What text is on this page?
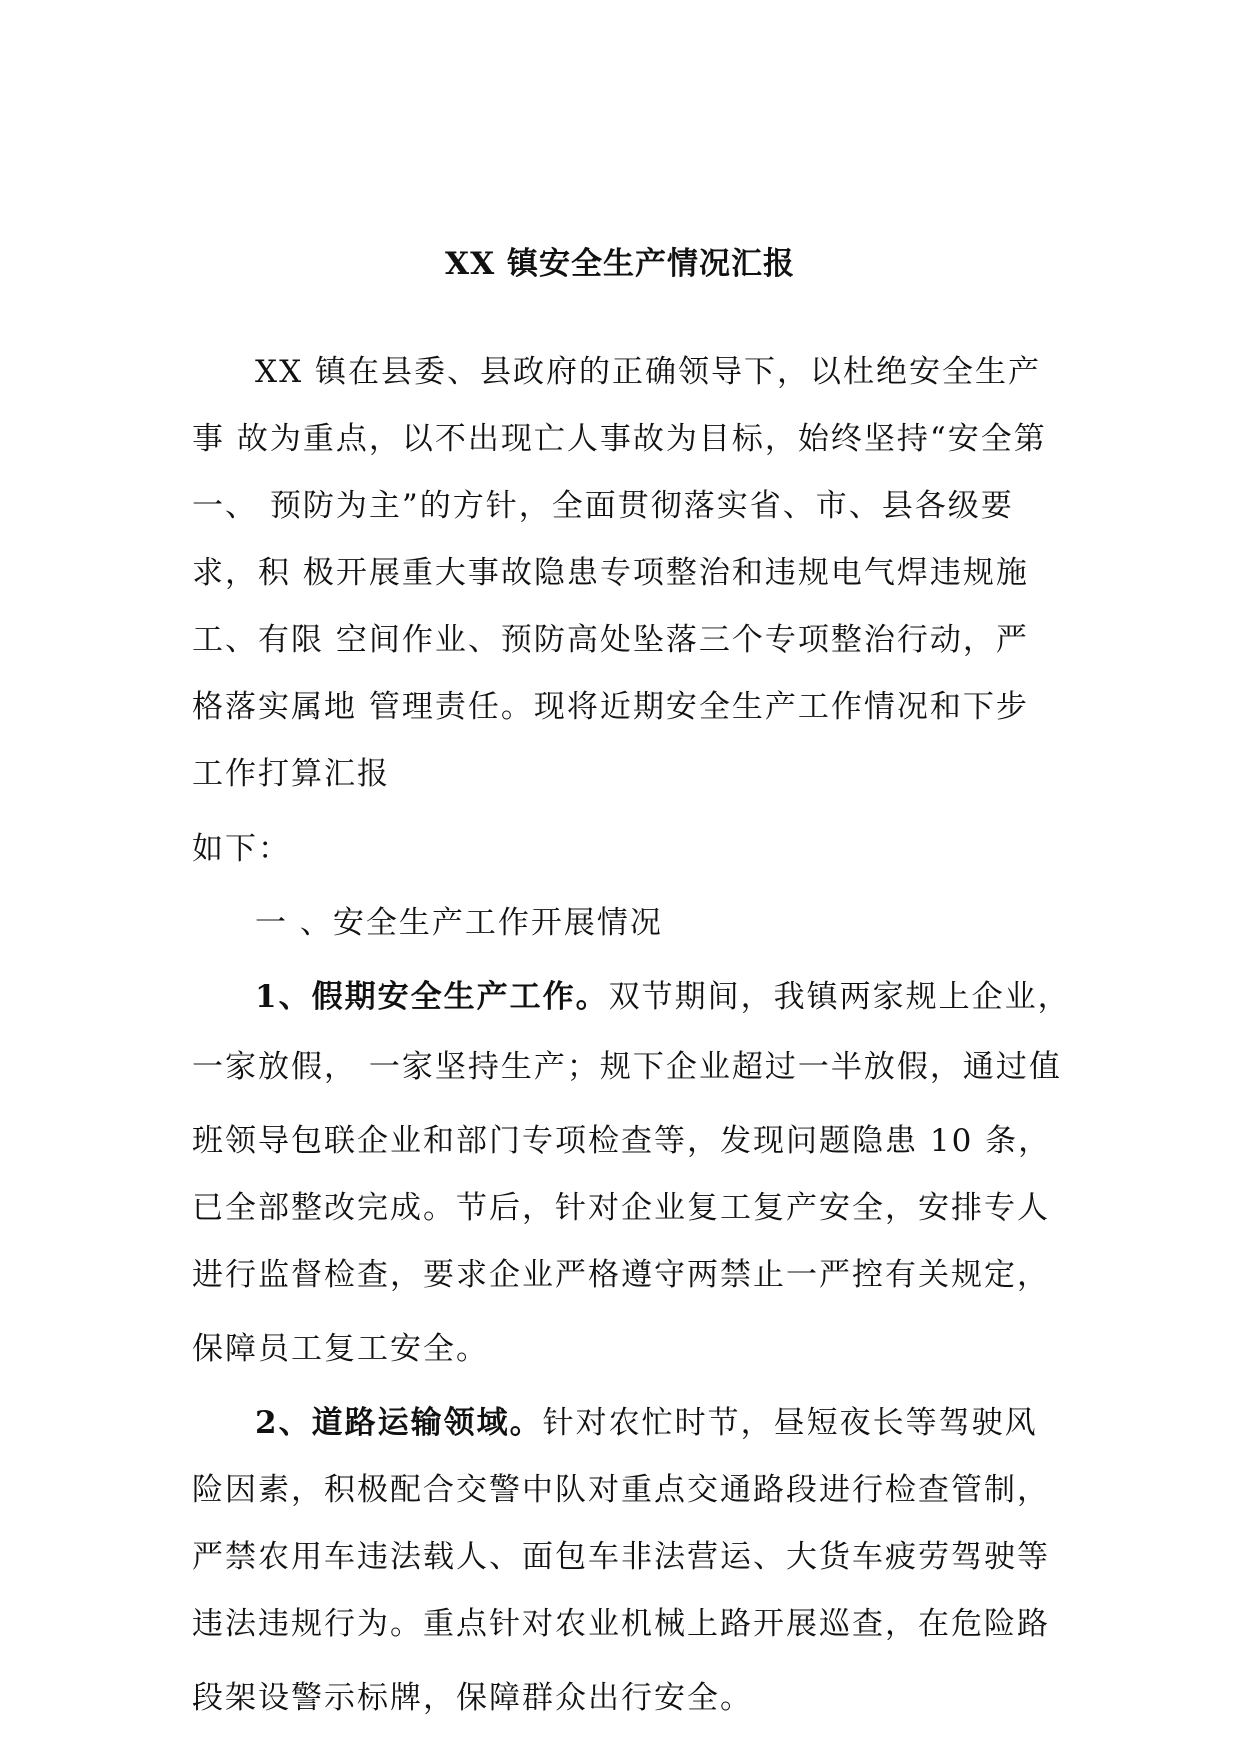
XX 镇安全生产情况汇报
XX 镇在县委、县政府的正确领导下，以杜绝安全生产
事 故为重点，以不出现亡人事故为目标，始终坚持“安全第
一、 预防为主”的方针，全面贯彻落实省、市、县各级要
求，积 极开展重大事故隐患专项整治和违规电气焊违规施
工、有限 空间作业、预防高处坠落三个专项整治行动，严
格落实属地 管理责任。现将近期安全生产工作情况和下步
工作打算汇报
如下：
一 、安全生产工作开展情况
1、假期安全生产工作。双节期间，我镇两家规上企业，
一家放假， 一家坚持生产；规下企业超过一半放假，通过值
班领导包联企业和部门专项检查等，发现问题隐患 10 条，
已全部整改完成。节后，针对企业复工复产安全，安排专人
进行监督检查，要求企业严格遵守两禁止一严控有关规定，
保障员工复工安全。
2、道路运输领域。针对农忙时节，昼短夜长等驾驶风
险因素，积极配合交警中队对重点交通路段进行检查管制，
严禁农用车违法载人、面包车非法营运、大货车疲劳驾驶等
违法违规行为。重点针对农业机械上路开展巡查，在危险路
段架设警示标牌，保障群众出行安全。
